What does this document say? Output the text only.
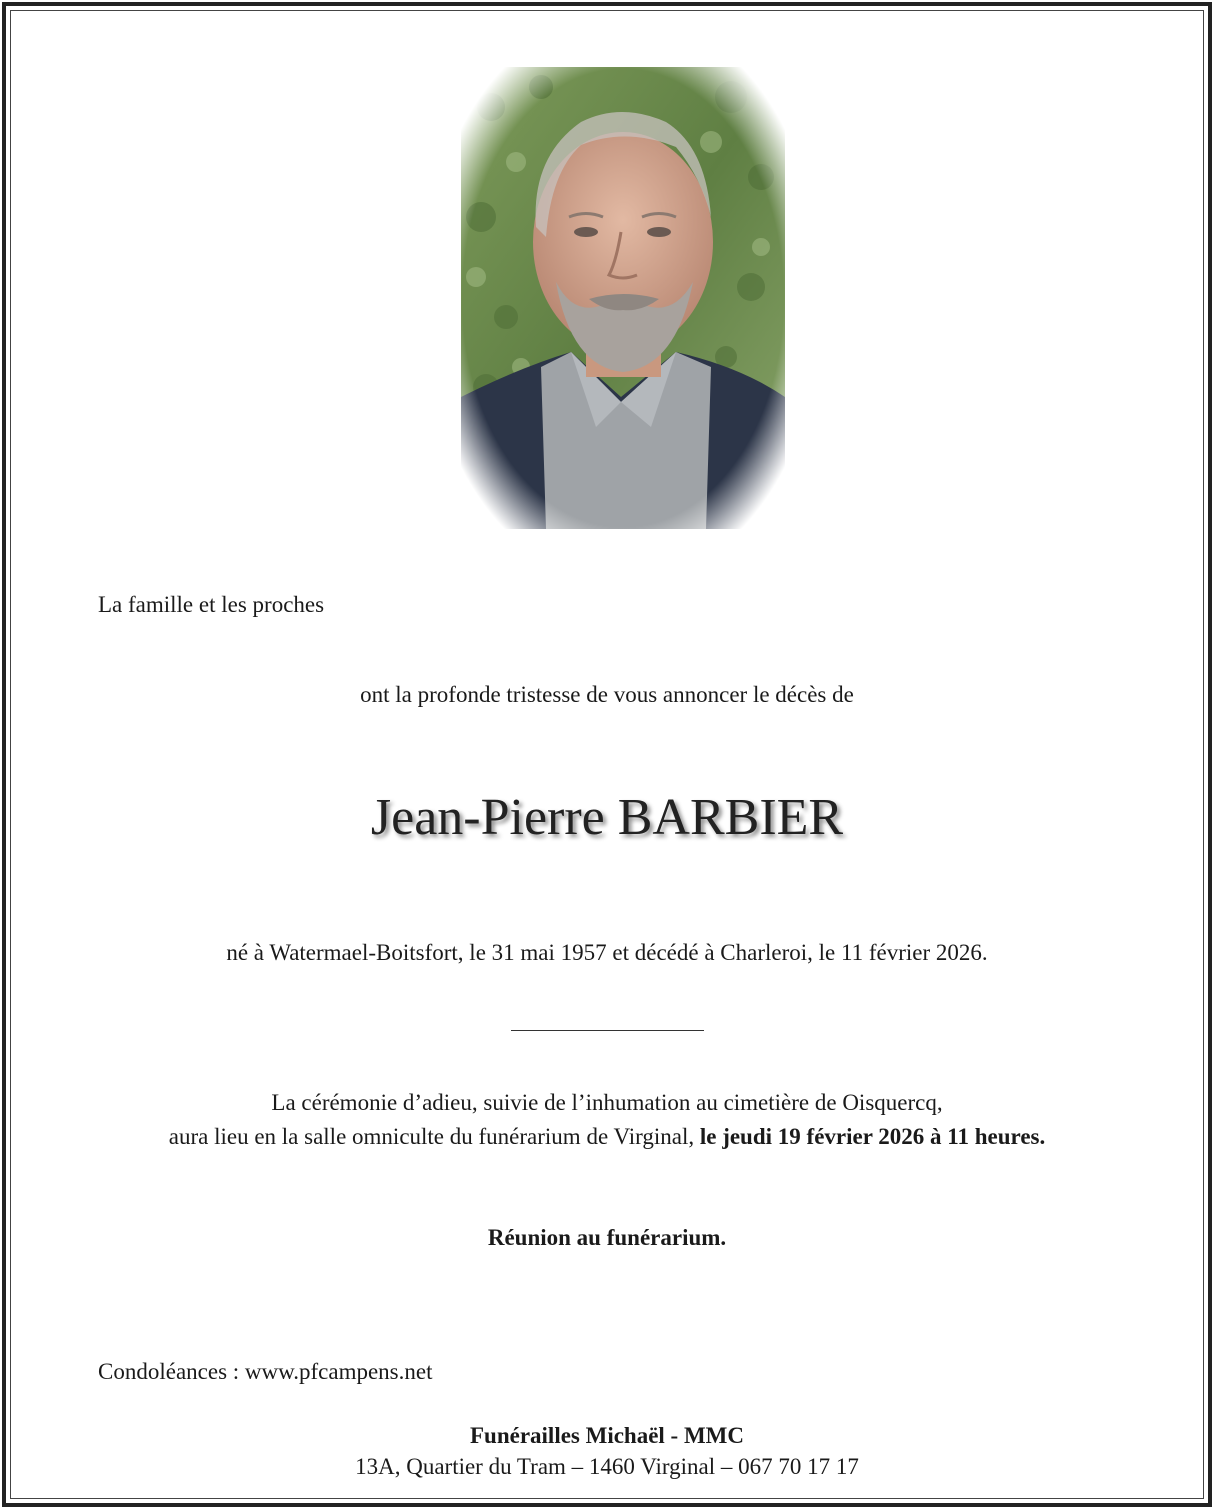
La famille et les proches
ont la profonde tristesse de vous annoncer le décès de
Jean-Pierre BARBIER
né à Watermael-Boitsfort, le 31 mai 1957 et décédé à Charleroi, le 11 février 2026.
La cérémonie d’adieu, suivie de l’inhumation au cimetière de Oisquercq,
aura lieu en la salle omniculte du funérarium de Virginal, le jeudi 19 février 2026 à 11 heures.
Réunion au funérarium.
Condoléances : www.pfcampens.net
Funérailles Michaël - MMC
13A, Quartier du Tram – 1460 Virginal – 067 70 17 17
